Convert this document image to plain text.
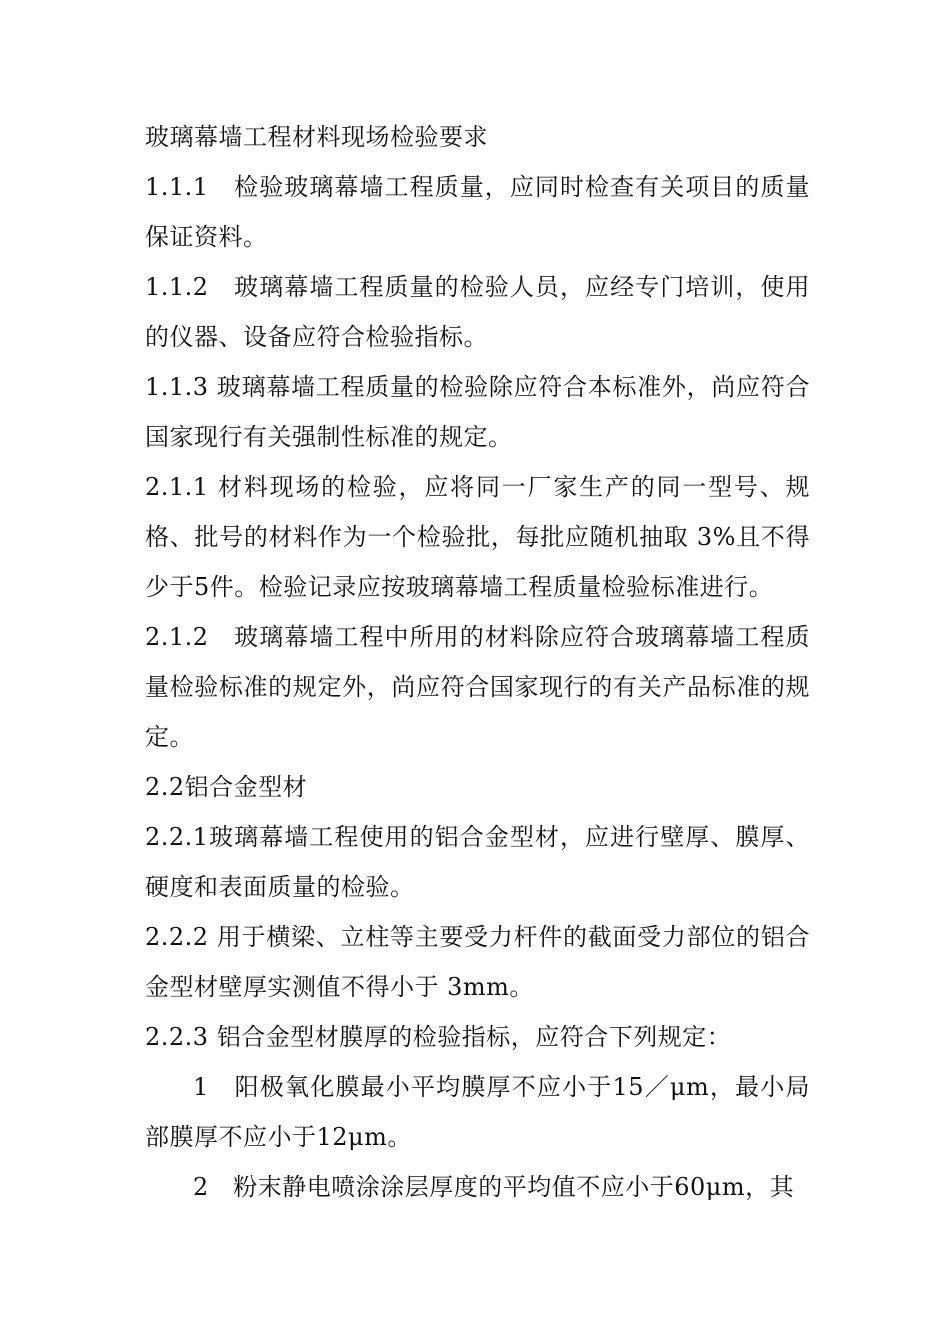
玻璃幕墙工程材料现场检验要求

1.1.1　检验玻璃幕墙工程质量，应同时检查有关项目的质量保证资料。

1.1.2　玻璃幕墙工程质量的检验人员，应经专门培训，使用的仪器、设备应符合检验指标。

1.1.3 玻璃幕墙工程质量的检验除应符合本标准外，尚应符合国家现行有关强制性标准的规定。

2.1.1 材料现场的检验，应将同一厂家生产的同一型号、规格、批号的材料作为一个检验批，每批应随机抽取 3%且不得少于5件。检验记录应按玻璃幕墙工程质量检验标准进行。

2.1.2　玻璃幕墙工程中所用的材料除应符合玻璃幕墙工程质量检验标准的规定外，尚应符合国家现行的有关产品标准的规定。

2.2铝合金型材

2.2.1玻璃幕墙工程使用的铝合金型材，应进行壁厚、膜厚、硬度和表面质量的检验。

2.2.2 用于横梁、立柱等主要受力杆件的截面受力部位的铝合金型材壁厚实测值不得小于 3mm。

2.2.3 铝合金型材膜厚的检验指标，应符合下列规定：

1　阳极氧化膜最小平均膜厚不应小于15／μm，最小局部膜厚不应小于12μm。

2　粉末静电喷涂涂层厚度的平均值不应小于60μm，其
